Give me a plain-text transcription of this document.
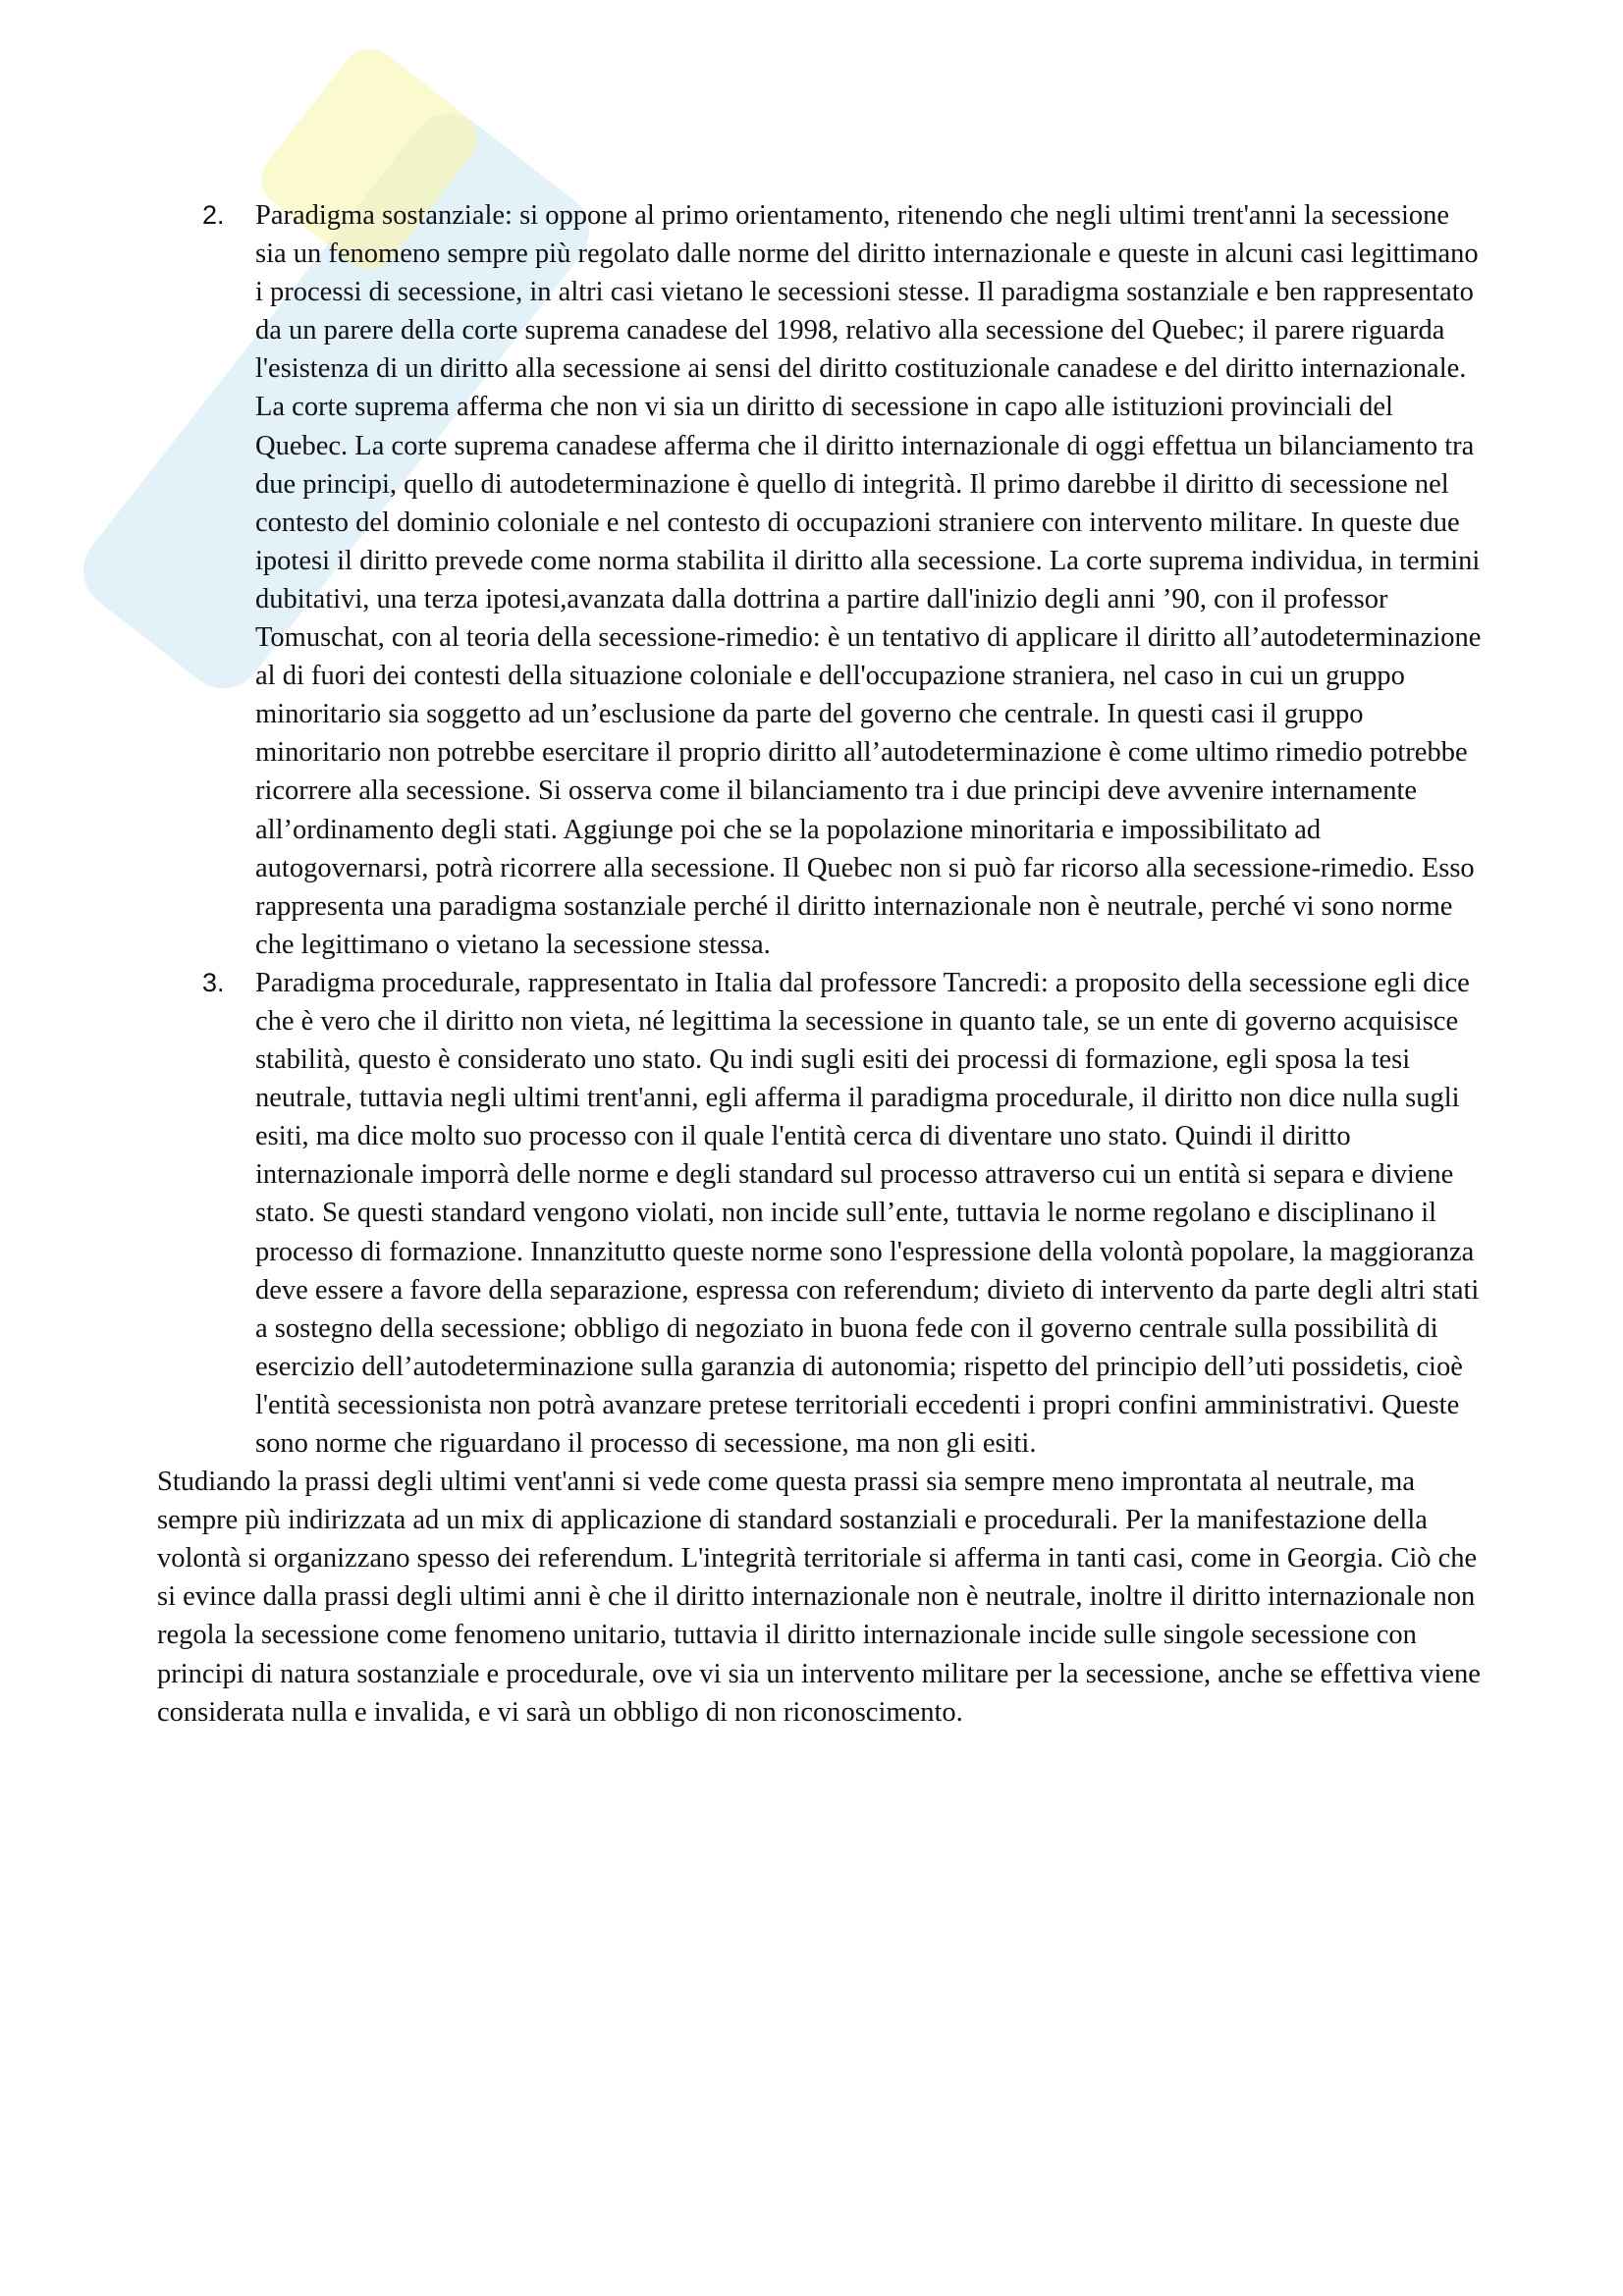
2. Paradigma sostanziale: si oppone al primo orientamento, ritenendo che negli ultimi trent'anni la secessione sia un fenomeno sempre più regolato dalle norme del diritto internazionale e queste in alcuni casi legittimano i processi di secessione, in altri casi vietano le secessioni stesse. Il paradigma sostanziale e ben rappresentato da un parere della corte suprema canadese del 1998, relativo alla secessione del Quebec; il parere riguarda l'esistenza di un diritto alla secessione ai sensi del diritto costituzionale canadese e del diritto internazionale. La corte suprema afferma che non vi sia un diritto di secessione in capo alle istituzioni provinciali del Quebec. La corte suprema canadese afferma che il diritto internazionale di oggi effettua un bilanciamento tra due principi, quello di autodeterminazione è quello di integrità. Il primo darebbe il diritto di secessione nel contesto del dominio coloniale e nel contesto di occupazioni straniere con intervento militare. In queste due ipotesi il diritto prevede come norma stabilita il diritto alla secessione. La corte suprema individua, in termini dubitativi, una terza ipotesi,avanzata dalla dottrina a partire dall'inizio degli anni ’90, con il professor Tomuschat, con al teoria della secessione-rimedio: è un tentativo di applicare il diritto all’autodeterminazione al di fuori dei contesti della situazione coloniale e dell'occupazione straniera, nel caso in cui un gruppo minoritario sia soggetto ad un’esclusione da parte del governo che centrale. In questi casi il gruppo minoritario non potrebbe esercitare il proprio diritto all’autodeterminazione è come ultimo rimedio potrebbe ricorrere alla secessione. Si osserva come il bilanciamento tra i due principi deve avvenire internamente all’ordinamento degli stati. Aggiunge poi che se la popolazione minoritaria e impossibilitato ad autogovernarsi, potrà ricorrere alla secessione. Il Quebec non si può far ricorso alla secessione-rimedio. Esso rappresenta una paradigma sostanziale perché il diritto internazionale non è neutrale, perché vi sono norme che legittimano o vietano la secessione stessa.

3. Paradigma procedurale, rappresentato in Italia dal professore Tancredi: a proposito della secessione egli dice che è vero che il diritto non vieta, né legittima la secessione in quanto tale, se un ente di governo acquisisce stabilità, questo è considerato uno stato. Qu indi sugli esiti dei processi di formazione, egli sposa la tesi neutrale, tuttavia negli ultimi trent'anni, egli afferma il paradigma procedurale, il diritto non dice nulla sugli esiti, ma dice molto suo processo con il quale l'entità cerca di diventare uno stato. Quindi il diritto internazionale imporrà delle norme e degli standard sul processo attraverso cui un entità si separa e diviene stato. Se questi standard vengono violati, non incide sull’ente, tuttavia le norme regolano e disciplinano il processo di formazione. Innanzitutto queste norme sono l'espressione della volontà popolare, la maggioranza deve essere a favore della separazione, espressa con referendum; divieto di intervento da parte degli altri stati a sostegno della secessione; obbligo di negoziato in buona fede con il governo centrale sulla possibilità di esercizio dell’autodeterminazione sulla garanzia di autonomia; rispetto del principio dell’uti possidetis, cioè l'entità secessionista non potrà avanzare pretese territoriali eccedenti i propri confini amministrativi. Queste sono norme che riguardano il processo di secessione, ma non gli esiti.

Studiando la prassi degli ultimi vent'anni si vede come questa prassi sia sempre meno improntata al neutrale, ma sempre più indirizzata ad un mix di applicazione di standard sostanziali e procedurali. Per la manifestazione della volontà si organizzano spesso dei referendum. L'integrità territoriale si afferma in tanti casi, come in Georgia. Ciò che si evince dalla prassi degli ultimi anni è che il diritto internazionale non è neutrale, inoltre il diritto internazionale non regola la secessione come fenomeno unitario, tuttavia il diritto internazionale incide sulle singole secessione con principi di natura sostanziale e procedurale, ove vi sia un intervento militare per la secessione, anche se effettiva viene considerata nulla e invalida, e vi sarà un obbligo di non riconoscimento.
